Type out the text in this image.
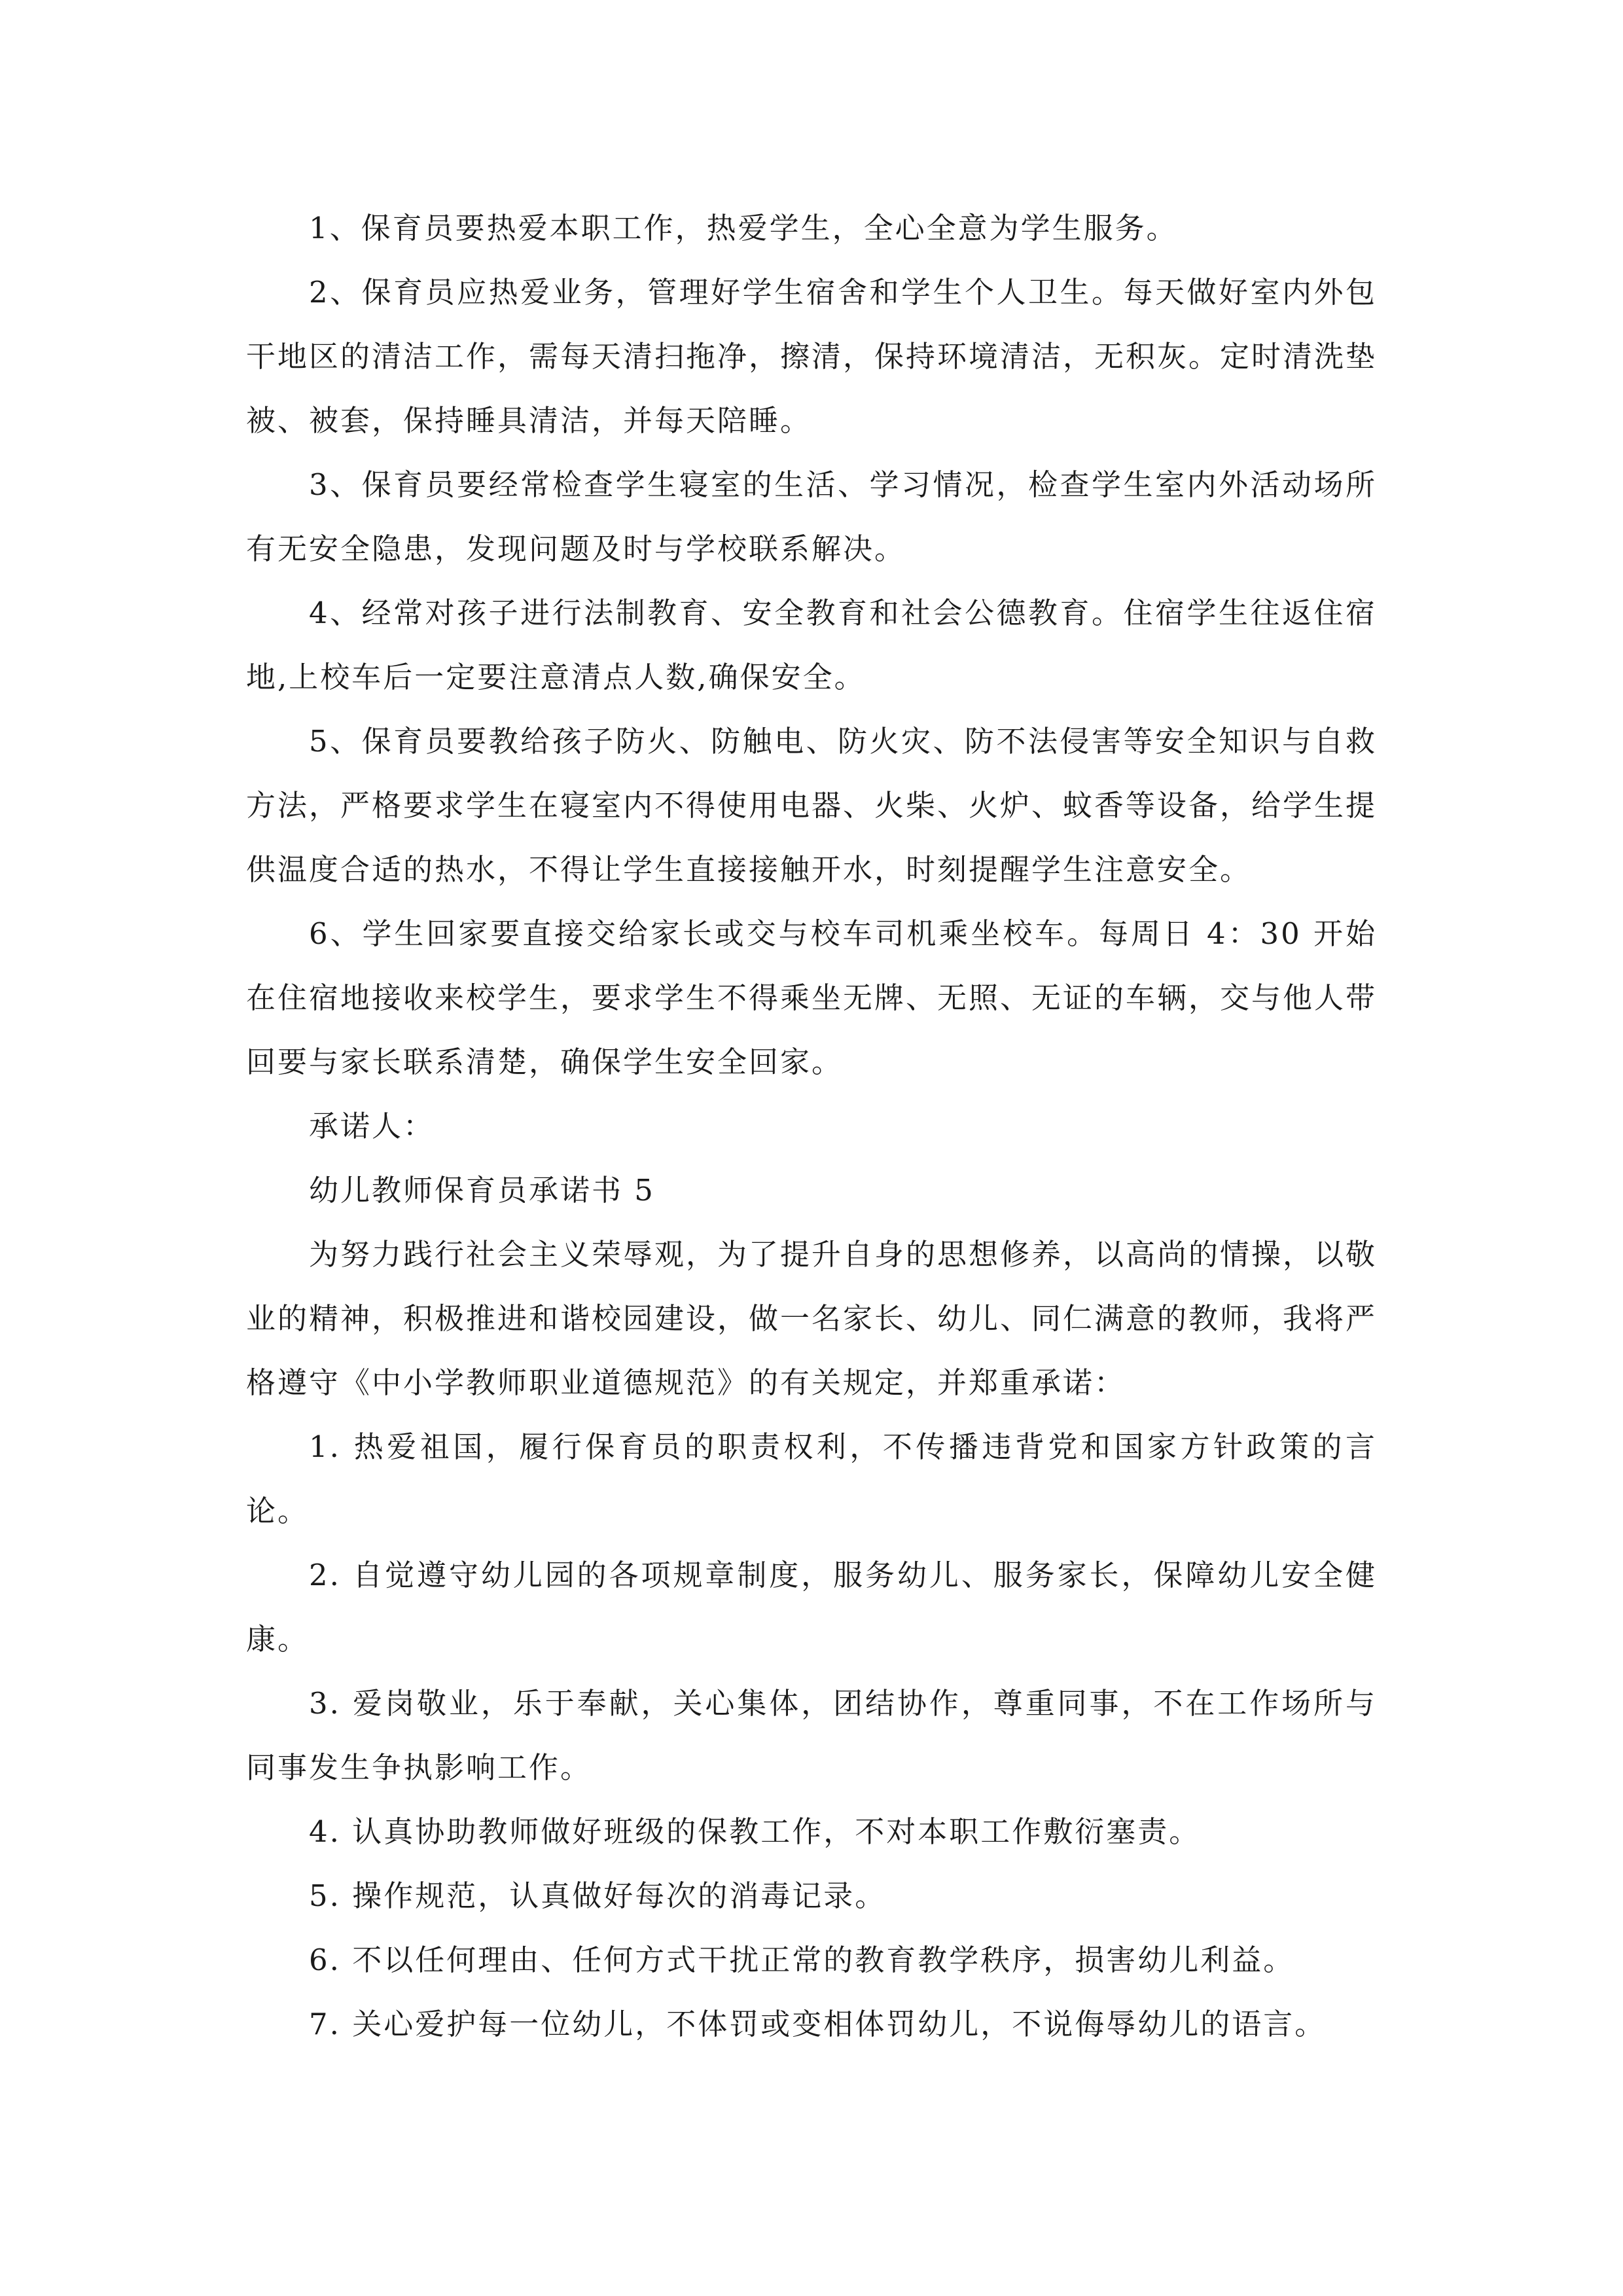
1、保育员要热爱本职工作，热爱学生，全心全意为学生服务。

2、保育员应热爱业务，管理好学生宿舍和学生个人卫生。每天做好室内外包干地区的清洁工作，需每天清扫拖净，擦清，保持环境清洁，无积灰。定时清洗垫被、被套，保持睡具清洁，并每天陪睡。

3、保育员要经常检查学生寝室的生活、学习情况，检查学生室内外活动场所有无安全隐患，发现问题及时与学校联系解决。

4、经常对孩子进行法制教育、安全教育和社会公德教育。住宿学生往返住宿地,上校车后一定要注意清点人数,确保安全。

5、保育员要教给孩子防火、防触电、防火灾、防不法侵害等安全知识与自救方法，严格要求学生在寝室内不得使用电器、火柴、火炉、蚊香等设备，给学生提供温度合适的热水，不得让学生直接接触开水，时刻提醒学生注意安全。

6、学生回家要直接交给家长或交与校车司机乘坐校车。每周日 4：30 开始在住宿地接收来校学生，要求学生不得乘坐无牌、无照、无证的车辆，交与他人带回要与家长联系清楚，确保学生安全回家。

承诺人：

幼儿教师保育员承诺书 5

为努力践行社会主义荣辱观，为了提升自身的思想修养，以高尚的情操，以敬业的精神，积极推进和谐校园建设，做一名家长、幼儿、同仁满意的教师，我将严格遵守《中小学教师职业道德规范》的有关规定，并郑重承诺：

1. 热爱祖国，履行保育员的职责权利，不传播违背党和国家方针政策的言论。

2. 自觉遵守幼儿园的各项规章制度，服务幼儿、服务家长，保障幼儿安全健康。

3. 爱岗敬业，乐于奉献，关心集体，团结协作，尊重同事，不在工作场所与同事发生争执影响工作。

4. 认真协助教师做好班级的保教工作，不对本职工作敷衍塞责。

5. 操作规范，认真做好每次的消毒记录。

6. 不以任何理由、任何方式干扰正常的教育教学秩序，损害幼儿利益。

7. 关心爱护每一位幼儿，不体罚或变相体罚幼儿，不说侮辱幼儿的语言。
